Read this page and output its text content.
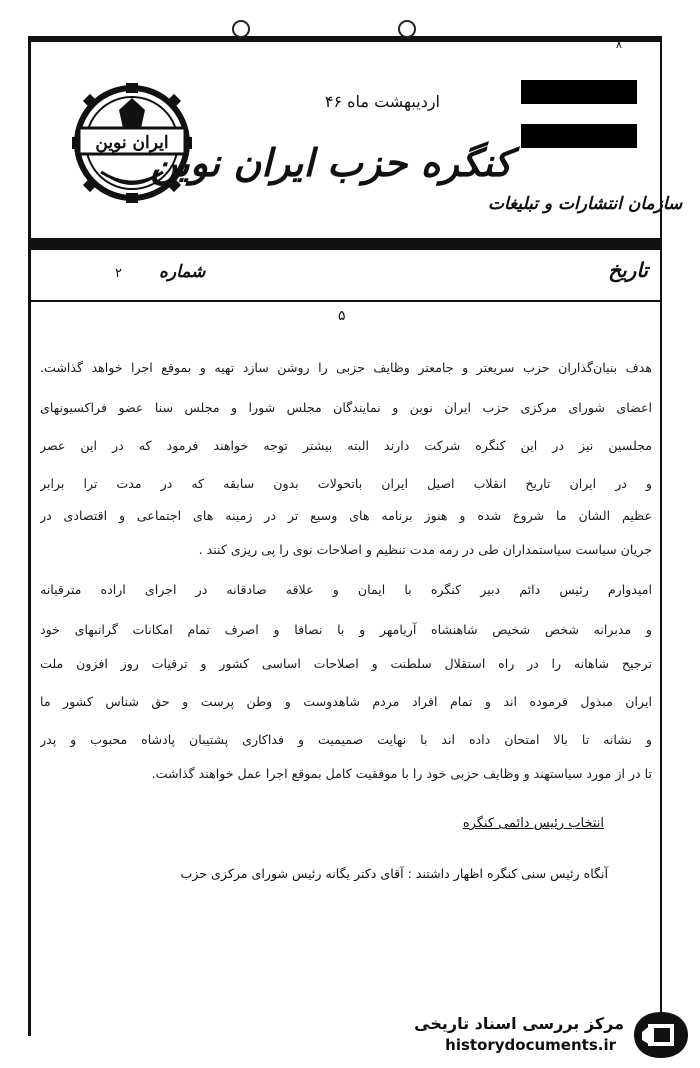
۸
ایران نوین
اردیبهشت ماه ۴۶
کنگره حزب ایران نوین
سازمان انتشارات و تبلیغات
تاریخ
شماره
۲
۵
هدف بنیان‌گذاران حزب سریعتر و جامعتر وظایف حزبی را روشن سازد تهیه و بموقع اجرا خواهد گذاشت.
اعضای شورای مرکزی حزب ایران نوین و نمایندگان مجلس شورا و مجلس سنا عضو فراکسیونهای
مجلسین نیز در این کنگره شرکت دارند البته بیشتر توجه خواهند فرمود که در این عصر
و در ایران تاریخ انقلاب اصیل ایران باتحولات بدون سابقه که در مدت ترا برابر
عظیم الشان ما شروع شده و هنوز برنامه های وسیع تر در زمینه های اجتماعی و اقتصادی در
جریان سیاست سیاستمداران طی در رمه مدت تنظیم و اصلاحات نوی را پی ریزی کنند .
امیدوارم رئیس دائم دبیر کنگره با ایمان و علاقه صادقانه در اجرای اراده مترقیانه
و مدبرانه شخص شخیص شاهنشاه آریامهر و با نصافا و اصرف تمام امکانات گرانبهای خود
ترجیح شاهانه را در راه استقلال سلطنت و اصلاحات اساسی کشور و ترقیات روز افزون ملت
ایران مبذول فرموده اند و تمام افراد مردم شاهدوست و وطن پرست و حق شناس کشور ما
و نشانه تا بالا امتحان داده اند با نهایت صمیمیت و فداکاری پشتیبان پادشاه محبوب و پدر
تا در از مورد سیاستهند و وظایف حزبی خود را با موفقیت کامل بموقع اجرا عمل خواهند گذاشت.
انتخاب رئیس دائمی کنگره
آنگاه رئیس سنی کنگره اظهار داشتند : آقای دکتر یگانه رئیس شورای مرکزی حزب
مرکز بررسی اسناد تاریخی
historydocuments.ir
